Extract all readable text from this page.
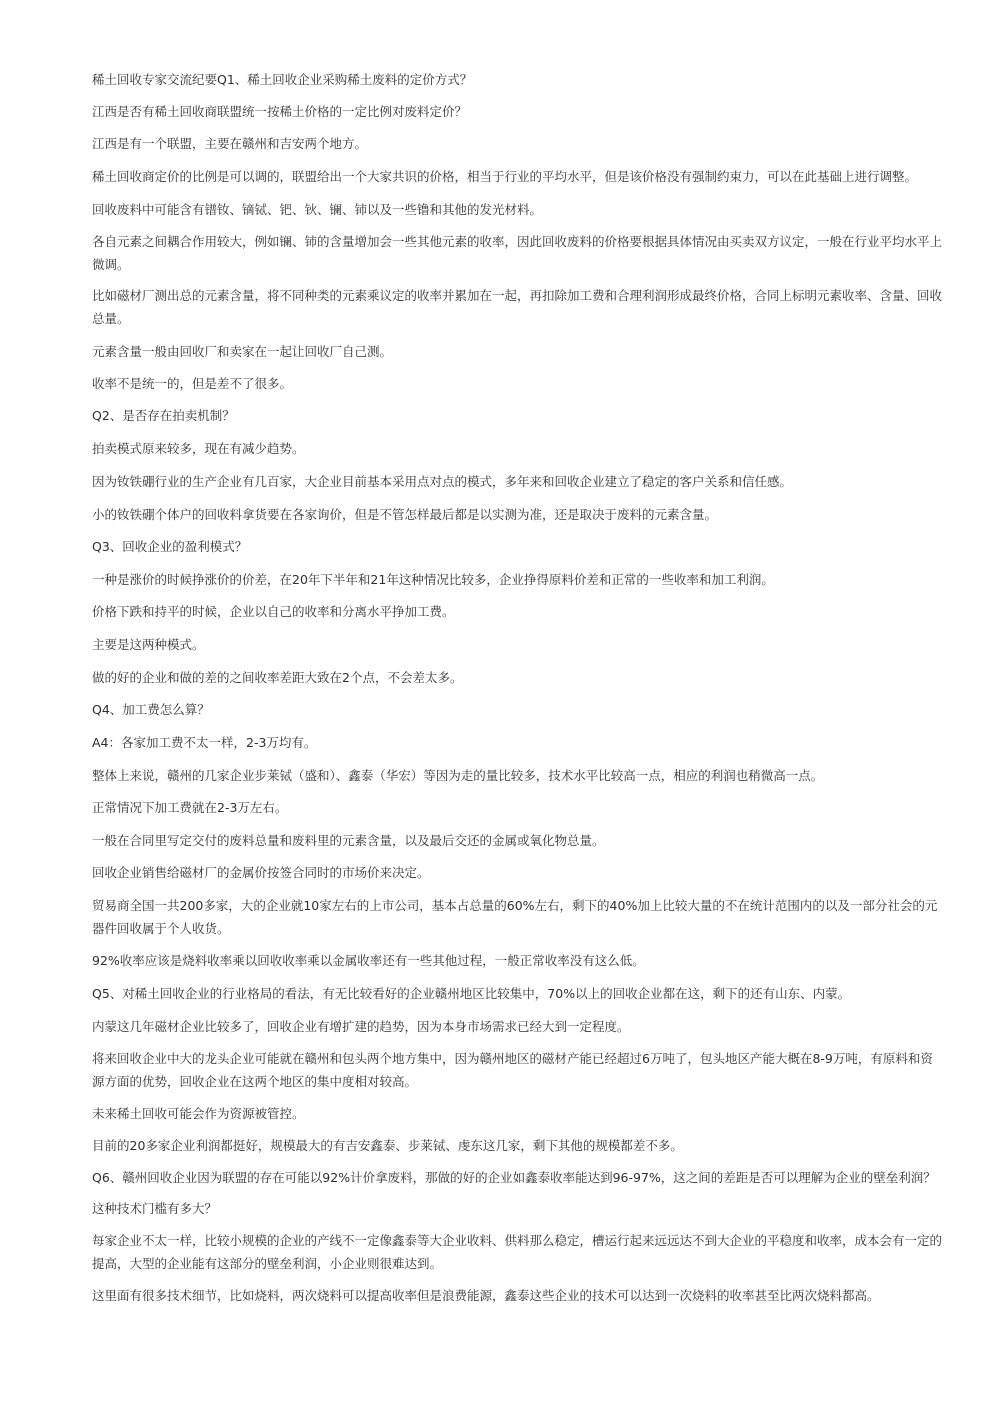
稀土回收专家交流纪要Q1、稀土回收企业采购稀土废料的定价方式？

江西是否有稀土回收商联盟统一按稀土价格的一定比例对废料定价？

江西是有一个联盟，主要在赣州和吉安两个地方。

稀土回收商定价的比例是可以调的，联盟给出一个大家共识的价格，相当于行业的平均水平，但是该价格没有强制约束力，可以在此基础上进行调整。

回收废料中可能含有镨钕、镝铽、钯、钬、镧、铈以及一些镥和其他的发光材料。

各自元素之间耦合作用较大，例如镧、铈的含量增加会一些其他元素的收率，因此回收废料的价格要根据具体情况由买卖双方议定，一般在行业平均水平上微调。

比如磁材厂测出总的元素含量，将不同种类的元素乘议定的收率并累加在一起，再扣除加工费和合理利润形成最终价格，合同上标明元素收率、含量、回收总量。

元素含量一般由回收厂和卖家在一起让回收厂自己测。

收率不是统一的，但是差不了很多。

Q2、是否存在拍卖机制？

拍卖模式原来较多，现在有减少趋势。

因为钕铁硼行业的生产企业有几百家，大企业目前基本采用点对点的模式，多年来和回收企业建立了稳定的客户关系和信任感。

小的钕铁硼个体户的回收料拿货要在各家询价，但是不管怎样最后都是以实测为准，还是取决于废料的元素含量。

Q3、回收企业的盈利模式？

一种是涨价的时候挣涨价的价差，在20年下半年和21年这种情况比较多，企业挣得原料价差和正常的一些收率和加工利润。

价格下跌和持平的时候，企业以自己的收率和分离水平挣加工费。

主要是这两种模式。

做的好的企业和做的差的之间收率差距大致在2个点，不会差太多。

Q4、加工费怎么算？

A4：各家加工费不太一样，2-3万均有。

整体上来说，赣州的几家企业步莱铽（盛和）、鑫泰（华宏）等因为走的量比较多，技术水平比较高一点，相应的利润也稍微高一点。

正常情况下加工费就在2-3万左右。

一般在合同里写定交付的废料总量和废料里的元素含量，以及最后交还的金属或氧化物总量。

回收企业销售给磁材厂的金属价按签合同时的市场价来决定。

贸易商全国一共200多家，大的企业就10家左右的上市公司，基本占总量的60%左右，剩下的40%加上比较大量的不在统计范围内的以及一部分社会的元器件回收属于个人收货。

92%收率应该是烧料收率乘以回收收率乘以金属收率还有一些其他过程，一般正常收率没有这么低。

Q5、对稀土回收企业的行业格局的看法，有无比较看好的企业赣州地区比较集中，70%以上的回收企业都在这，剩下的还有山东、内蒙。

内蒙这几年磁材企业比较多了，回收企业有增扩建的趋势，因为本身市场需求已经大到一定程度。

将来回收企业中大的龙头企业可能就在赣州和包头两个地方集中，因为赣州地区的磁材产能已经超过6万吨了，包头地区产能大概在8-9万吨，有原料和资源方面的优势，回收企业在这两个地区的集中度相对较高。

未来稀土回收可能会作为资源被管控。

目前的20多家企业利润都挺好，规模最大的有吉安鑫泰、步莱铽、虔东这几家，剩下其他的规模都差不多。

Q6、赣州回收企业因为联盟的存在可能以92%计价拿废料，那做的好的企业如鑫泰收率能达到96-97%，这之间的差距是否可以理解为企业的壁垒利润？

这种技术门槛有多大？

每家企业不太一样，比较小规模的企业的产线不一定像鑫泰等大企业收料、供料那么稳定，槽运行起来远远达不到大企业的平稳度和收率，成本会有一定的提高，大型的企业能有这部分的壁垒利润，小企业则很难达到。

这里面有很多技术细节，比如烧料，两次烧料可以提高收率但是浪费能源，鑫泰这些企业的技术可以达到一次烧料的收率甚至比两次烧料都高。
